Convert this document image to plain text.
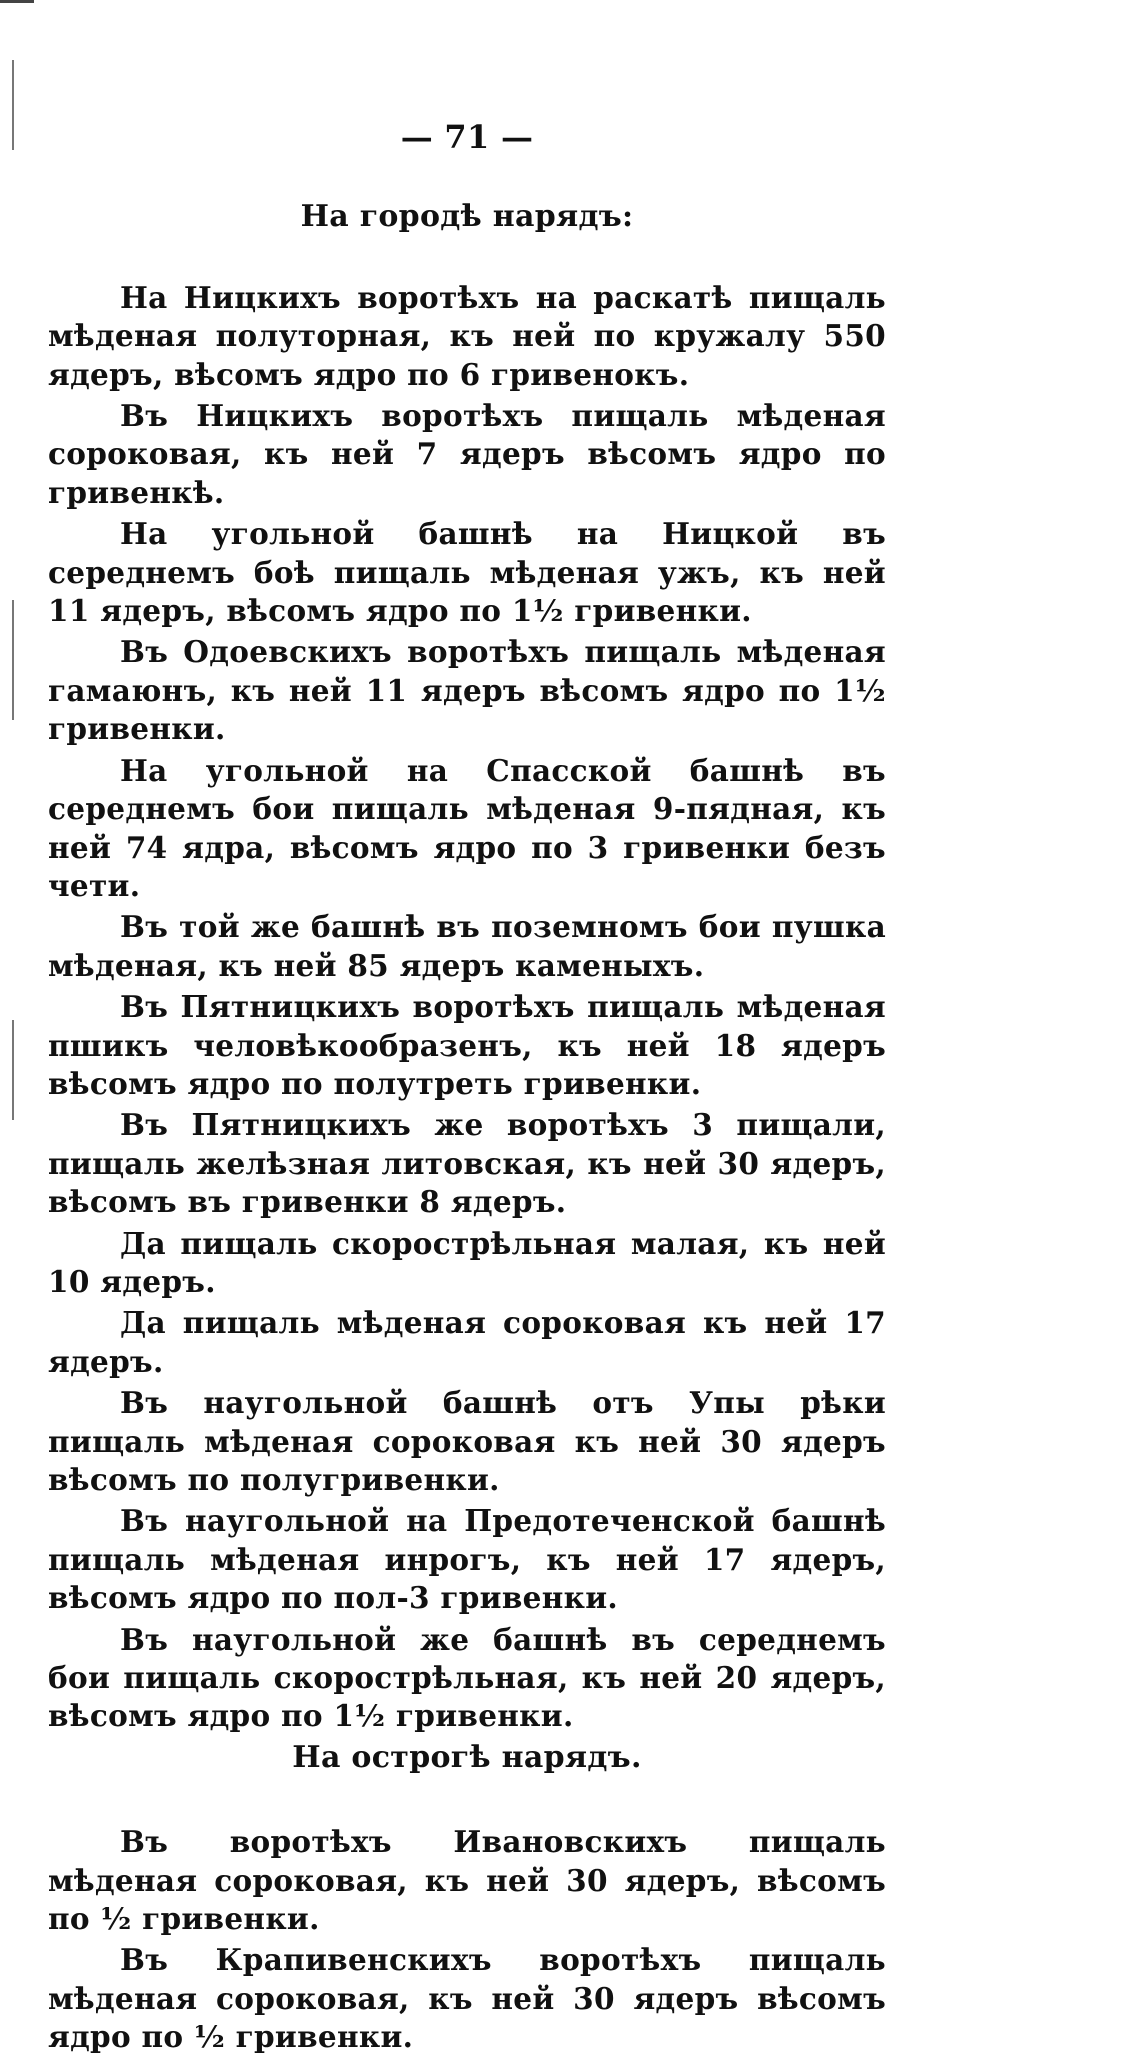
— 71 —
На городѣ нарядъ:

На Ницкихъ воротѣхъ на раскатѣ пищаль мѣденая полуторная, къ ней по кружалу 550 ядеръ, вѣсомъ ядро по 6 гривенокъ.

Въ Ницкихъ воротѣхъ пищаль мѣденая сороковая, къ ней 7 ядеръ вѣсомъ ядро по гривенкѣ.

На угольной башнѣ на Ницкой въ середнемъ боѣ пищаль мѣденая ужъ, къ ней 11 ядеръ, вѣсомъ ядро по 1½ гривенки.

Въ Одоевскихъ воротѣхъ пищаль мѣденая гамаюнъ, къ ней 11 ядеръ вѣсомъ ядро по 1½ гривенки.

На угольной на Спасской башнѣ въ середнемъ бои пищаль мѣденая 9-пядная, къ ней 74 ядра, вѣсомъ ядро по 3 гривенки безъ чети.

Въ той же башнѣ въ поземномъ бои пушка мѣденая, къ ней 85 ядеръ каменыхъ.

Въ Пятницкихъ воротѣхъ пищаль мѣденая пшикъ человѣкообразенъ, къ ней 18 ядеръ вѣсомъ ядро по полутреть гривенки.

Въ Пятницкихъ же воротѣхъ 3 пищали, пищаль желѣзная литовская, къ ней 30 ядеръ, вѣсомъ въ гривенки 8 ядеръ.

Да пищаль скорострѣльная малая, къ ней 10 ядеръ.

Да пищаль мѣденая сороковая къ ней 17 ядеръ.

Въ наугольной башнѣ отъ Упы рѣки пищаль мѣденая сороковая къ ней 30 ядеръ вѣсомъ по полугривенки.

Въ наугольной на Предотеченской башнѣ пищаль мѣденая инрогъ, къ ней 17 ядеръ, вѣсомъ ядро по пол-3 гривенки.

Въ наугольной же башнѣ въ середнемъ бои пищаль скорострѣльная, къ ней 20 ядеръ, вѣсомъ ядро по 1½ гривенки.

На острогѣ нарядъ.

Въ воротѣхъ Ивановскихъ пищаль мѣденая сороковая, къ ней 30 ядеръ, вѣсомъ по ½ гривенки.

Въ Крапивенскихъ воротѣхъ пищаль мѣденая сороковая, къ ней 30 ядеръ вѣсомъ ядро по ½ гривенки.
